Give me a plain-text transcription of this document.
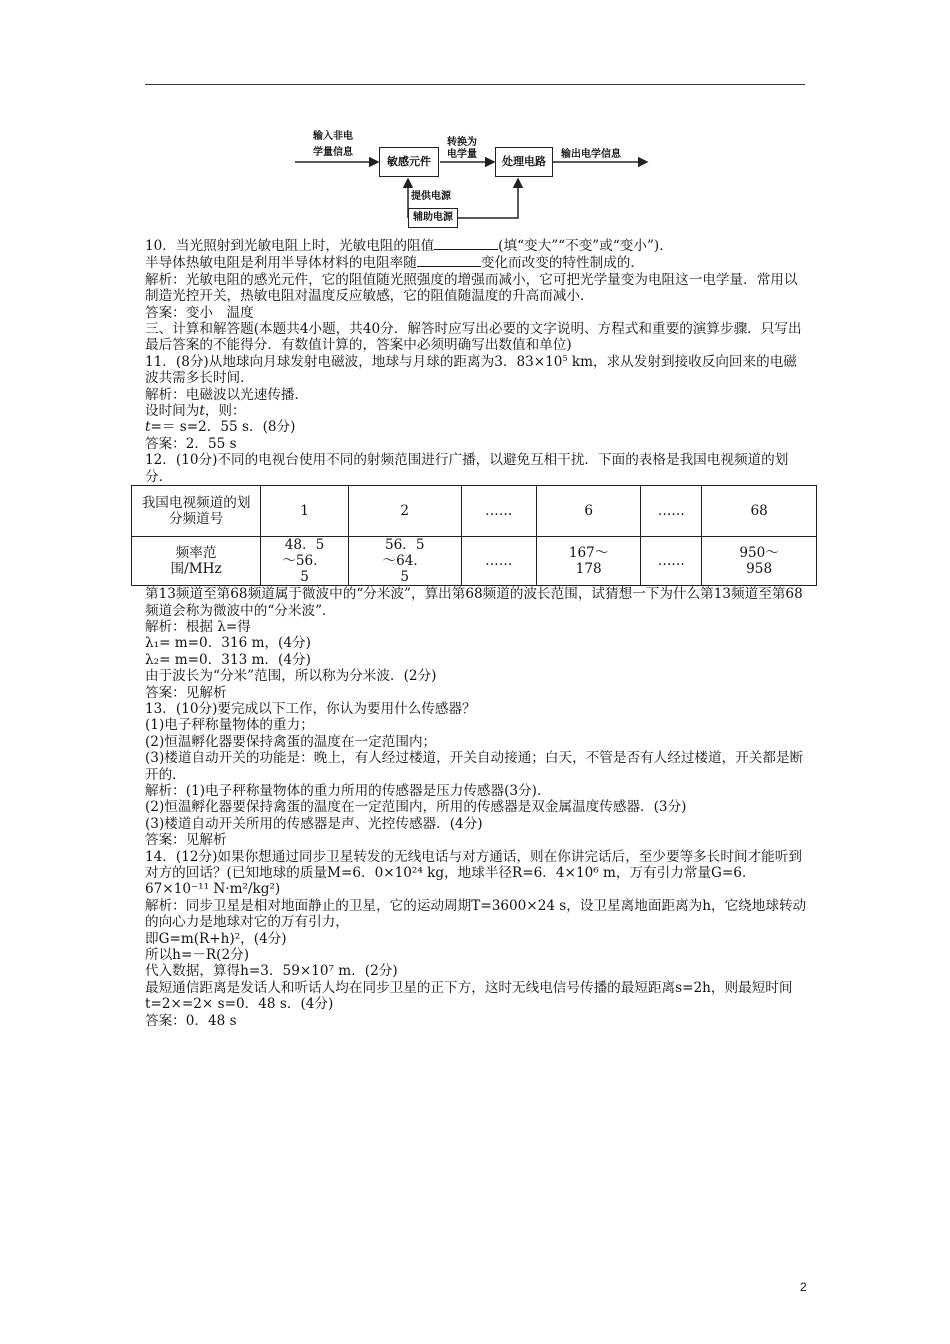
输入非电
学量信息
敏感元件
转换为
电学量
处理电路
输出电学信息
提供电源
辅助电源

10．当光照射到光敏电阻上时，光敏电阻的阻值	(填“变大”“不变”或“变小”)．

半导体热敏电阻是利用半导体材料的电阻率随	变化而改变的特性制成的．

解析：光敏电阻的感光元件，它的阻值随光照强度的增强而减小，它可把光学量变为电阻这一电学量．常用以制造光控开关，热敏电阻对温度反应敏感，它的阻值随温度的升高而减小．

答案：变小　温度

三、计算和解答题(本题共4小题，共40分．解答时应写出必要的文字说明、方程式和重要的演算步骤．只写出最后答案的不能得分．有数值计算的，答案中必须明确写出数值和单位)

11．(8分)从地球向月球发射电磁波，地球与月球的距离为3．$83\times 10^5$ km，求从发射到接收反向回来的电磁波共需多长时间．

解析：电磁波以光速传播．

设时间为t，则：

t=＝ s=2．55 s．(8分)

答案：2．55 s

12．(10分)不同的电视台使用不同的射频范围进行广播，以避免互相干扰．下面的表格是我国电视频道的划分．

我国电视频道的划分频道号	1	2	……	6	……	68
频率范围/MHz	48．5～56．5	56．5～64．5	……	167～178	……	950～958

第13频道至第68频道属于微波中的“分米波”，算出第68频道的波长范围，试猜想一下为什么第13频道至第68频道会称为微波中的“分米波”．

解析：根据 λ=得

λ₁= m=0．316 m，(4分)

λ₂= m=0．313 m．(4分)

由于波长为“分米”范围，所以称为分米波．(2分)

答案：见解析

13．(10分)要完成以下工作，你认为要用什么传感器？

(1)电子秤称量物体的重力；

(2)恒温孵化器要保持禽蛋的温度在一定范围内；

(3)楼道自动开关的功能是：晚上，有人经过楼道，开关自动接通；白天，不管是否有人经过楼道，开关都是断开的．

解析：(1)电子秤称量物体的重力所用的传感器是压力传感器(3分)．

(2)恒温孵化器要保持禽蛋的温度在一定范围内，所用的传感器是双金属温度传感器．(3分)

(3)楼道自动开关所用的传感器是声、光控传感器．(4分)

答案：见解析

14．(12分)如果你想通过同步卫星转发的无线电话与对方通话，则在你讲完话后，至少要等多长时间才能听到对方的回话？(已知地球的质量M=6．0×10²⁴ kg，地球半径R=6．4×10⁶ m，万有引力常量G=6．67×10⁻¹¹ N·m²/kg²)

解析：同步卫星是相对地面静止的卫星，它的运动周期T=3600×24 s，设卫星离地面距离为h，它绕地球转动的向心力是地球对它的万有引力，

即G=m(R+h)²，(4分)

所以h=－R(2分)

代入数据，算得h=3．59×10⁷ m．(2分)

最短通信距离是发话人和听话人均在同步卫星的正下方，这时无线电信号传播的最短距离s=2h，则最短时间

t=2×=2× s=0．48 s．(4分)

答案：0．48 s

2
